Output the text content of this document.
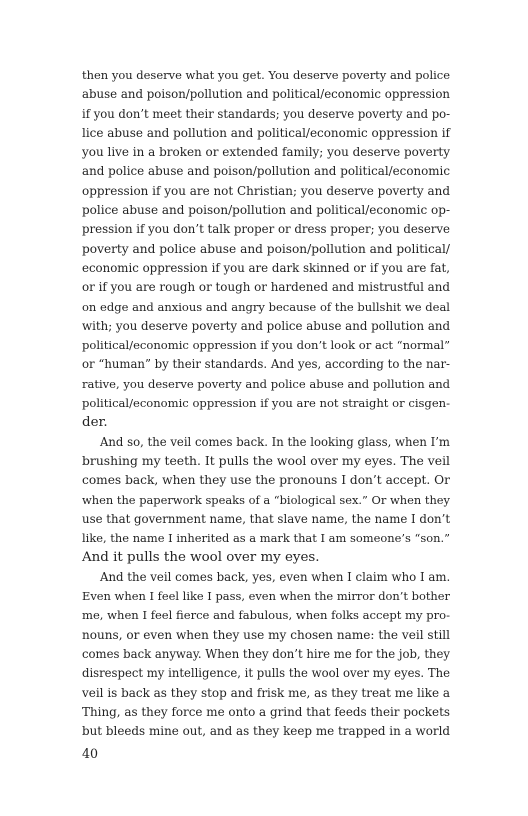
then you deserve what you get. You deserve poverty and police
abuse and poison/pollution and political/economic oppression
if you don’t meet their standards; you deserve poverty and po-
lice abuse and pollution and political/economic oppression if
you live in a broken or extended family; you deserve poverty
and police abuse and poison/pollution and political/economic
oppression if you are not Christian; you deserve poverty and
police abuse and poison/pollution and political/economic op-
pression if you don’t talk proper or dress proper; you deserve
poverty and police abuse and poison/pollution and political/
economic oppression if you are dark skinned or if you are fat,
or if you are rough or tough or hardened and mistrustful and
on edge and anxious and angry because of the bullshit we deal
with; you deserve poverty and police abuse and pollution and
political/economic oppression if you don’t look or act “normal”
or “human” by their standards. And yes, according to the nar-
rative, you deserve poverty and police abuse and pollution and
political/economic oppression if you are not straight or cisgen-
der.
And so, the veil comes back. In the looking glass, when I’m
brushing my teeth. It pulls the wool over my eyes. The veil
comes back, when they use the pronouns I don’t accept. Or
when the paperwork speaks of a “biological sex.” Or when they
use that government name, that slave name, the name I don’t
like, the name I inherited as a mark that I am someone’s “son.”
And it pulls the wool over my eyes.
And the veil comes back, yes, even when I claim who I am.
Even when I feel like I pass, even when the mirror don’t bother
me, when I feel fierce and fabulous, when folks accept my pro-
nouns, or even when they use my chosen name: the veil still
comes back anyway. When they don’t hire me for the job, they
disrespect my intelligence, it pulls the wool over my eyes. The
veil is back as they stop and frisk me, as they treat me like a
Thing, as they force me onto a grind that feeds their pockets
but bleeds mine out, and as they keep me trapped in a world
40
